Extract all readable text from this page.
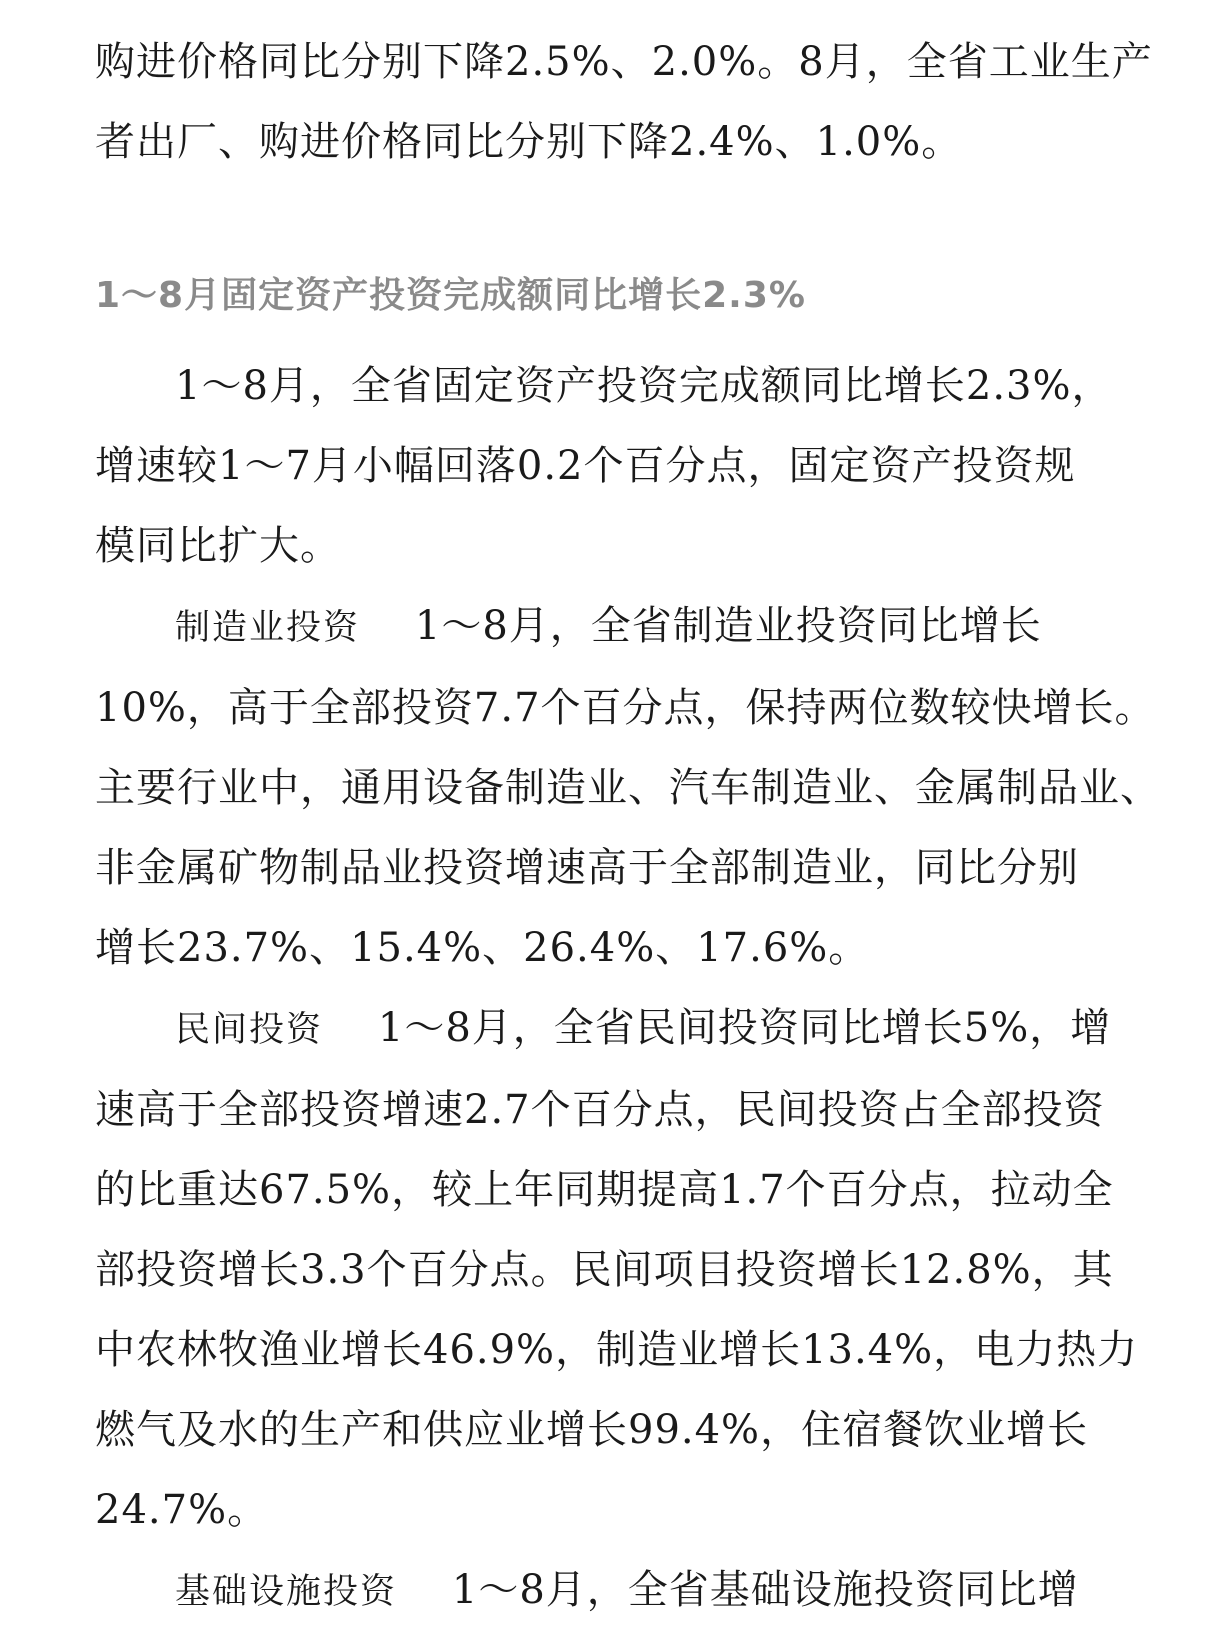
购进价格同比分别下降2.5%、2.0%。8月，全省工业生产
者出厂、购进价格同比分别下降2.4%、1.0%。
1～8月固定资产投资完成额同比增长2.3%
1～8月，全省固定资产投资完成额同比增长2.3%，
增速较1～7月小幅回落0.2个百分点，固定资产投资规
模同比扩大。
制造业投资 1～8月，全省制造业投资同比增长
10%，高于全部投资7.7个百分点，保持两位数较快增长。
主要行业中，通用设备制造业、汽车制造业、金属制品业、
非金属矿物制品业投资增速高于全部制造业，同比分别
增长23.7%、15.4%、26.4%、17.6%。
民间投资 1～8月，全省民间投资同比增长5%，增
速高于全部投资增速2.7个百分点，民间投资占全部投资
的比重达67.5%，较上年同期提高1.7个百分点，拉动全
部投资增长3.3个百分点。民间项目投资增长12.8%，其
中农林牧渔业增长46.9%，制造业增长13.4%，电力热力
燃气及水的生产和供应业增长99.4%，住宿餐饮业增长
24.7%。
基础设施投资 1～8月，全省基础设施投资同比增
